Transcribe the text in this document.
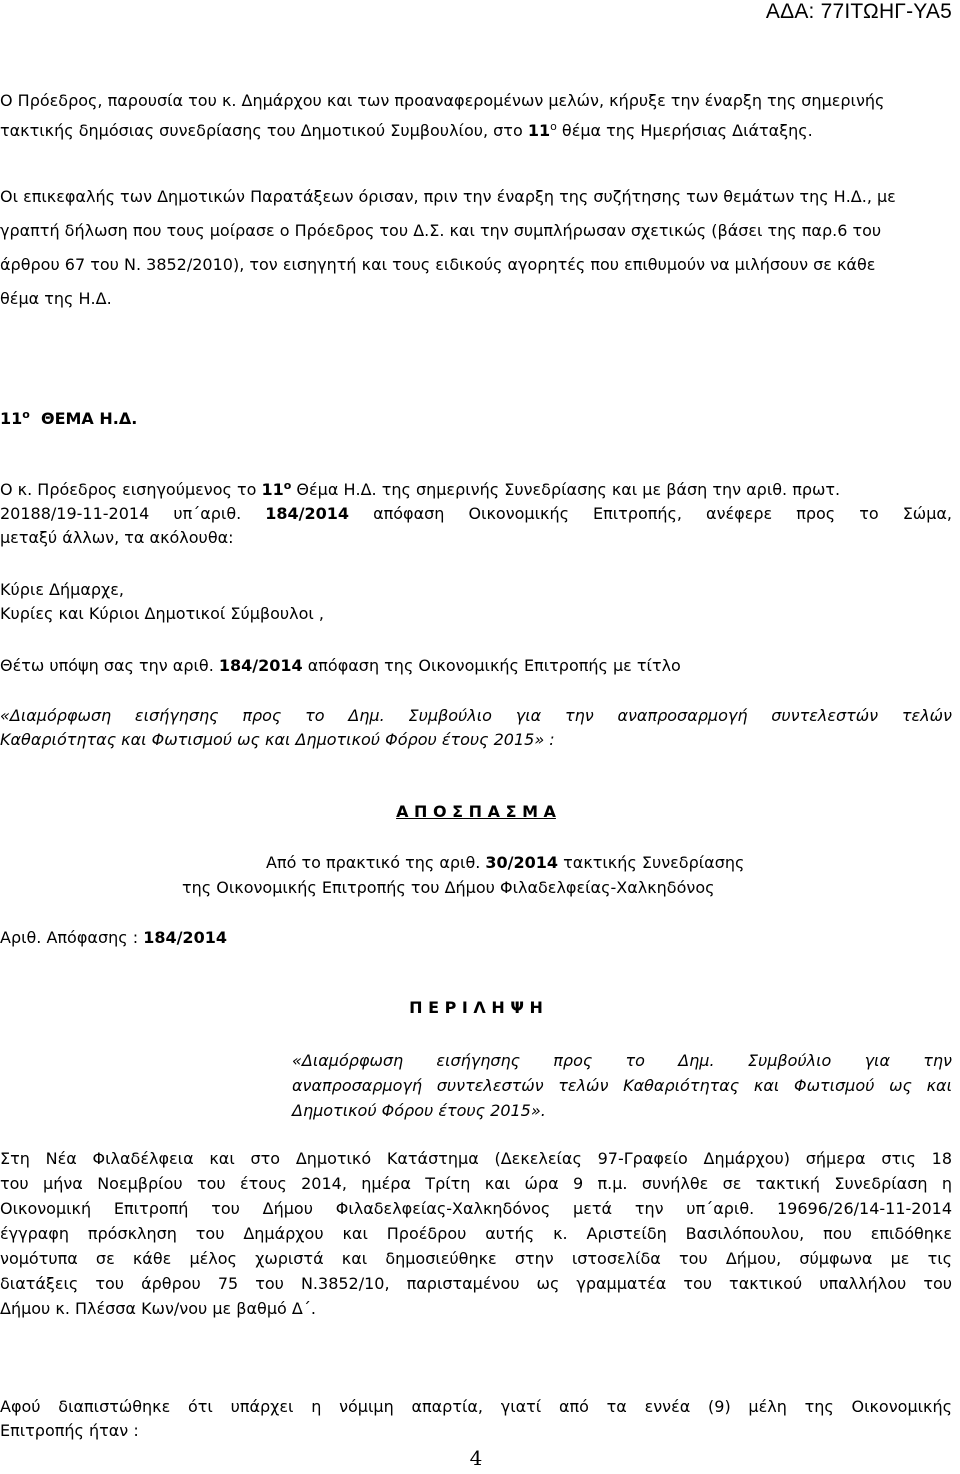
ΑΔΑ: 77ΙΤΩΗΓ-ΥΑ5
Ο Πρόεδρος, παρουσία του κ. Δημάρχου και των προαναφερομένων μελών, κήρυξε την έναρξη της σημερινής
τακτικής δημόσιας συνεδρίασης του Δημοτικού Συμβουλίου, στο $11^o$ θέμα της Ημερήσιας Διάταξης.
Οι επικεφαλής των Δημοτικών Παρατάξεων όρισαν, πριν την έναρξη της συζήτησης των θεμάτων της Η.Δ., με
γραπτή δήλωση που τους μοίρασε ο Πρόεδρος του Δ.Σ. και την συμπλήρωσαν σχετικώς (βάσει της παρ.6 του
άρθρου 67 του Ν. 3852/2010), τον εισηγητή και τους ειδικούς αγορητές που επιθυμούν να μιλήσουν σε κάθε
θέμα της Η.Δ.
$11^o$ ΘΕΜΑ Η.Δ.
Ο κ. Πρόεδρος εισηγούμενος το $11^o$ Θέμα Η.Δ. της σημερινής Συνεδρίασης και με βάση την αριθ. πρωτ.
20188/19-11-2014 υπ΄αριθ. 184/2014 απόφαση Οικονομικής Επιτροπής, ανέφερε προς το Σώμα,
μεταξύ άλλων, τα ακόλουθα:
Κύριε Δήμαρχε,
Κυρίες και Κύριοι Δημοτικοί Σύμβουλοι ,
Θέτω υπόψη σας την αριθ. 184/2014 απόφαση της Οικονομικής Επιτροπής με τίτλο
«Διαμόρφωση εισήγησης προς το Δημ. Συμβούλιο για την αναπροσαρμογή συντελεστών τελών
Καθαριότητας και Φωτισμού ως και Δημοτικού Φόρου έτους 2015» :
Α Π Ο Σ Π Α Σ Μ Α
Από το πρακτικό της αριθ. 30/2014 τακτικής Συνεδρίασης
της Οικονομικής Επιτροπής του Δήμου Φιλαδελφείας-Χαλκηδόνος
Αριθ. Απόφασης : 184/2014
Π Ε Ρ Ι Λ Η Ψ Η
«Διαμόρφωση εισήγησης προς το Δημ. Συμβούλιο για την
αναπροσαρμογή συντελεστών τελών Καθαριότητας και Φωτισμού ως και
Δημοτικού Φόρου έτους 2015».
Στη Νέα Φιλαδέλφεια και στο Δημοτικό Κατάστημα (Δεκελείας 97-Γραφείο Δημάρχου) σήμερα στις 18
του μήνα Νοεμβρίου του έτους 2014, ημέρα Τρίτη και ώρα 9 π.μ. συνήλθε σε τακτική Συνεδρίαση η
Οικονομική Επιτροπή του Δήμου Φιλαδελφείας-Χαλκηδόνος μετά την υπ΄αριθ. 19696/26/14-11-2014
έγγραφη πρόσκληση του Δημάρχου και Προέδρου αυτής κ. Αριστείδη Βασιλόπουλου, που επιδόθηκε
νομότυπα σε κάθε μέλος χωριστά και δημοσιεύθηκε στην ιστοσελίδα του Δήμου, σύμφωνα με τις
διατάξεις του άρθρου 75 του Ν.3852/10, παρισταμένου ως γραμματέα του τακτικού υπαλλήλου του
Δήμου κ. Πλέσσα Κων/νου με βαθμό Δ΄.
Αφού διαπιστώθηκε ότι υπάρχει η νόμιμη απαρτία, γιατί από τα εννέα (9) μέλη της Οικονομικής
Επιτροπής ήταν :
4
